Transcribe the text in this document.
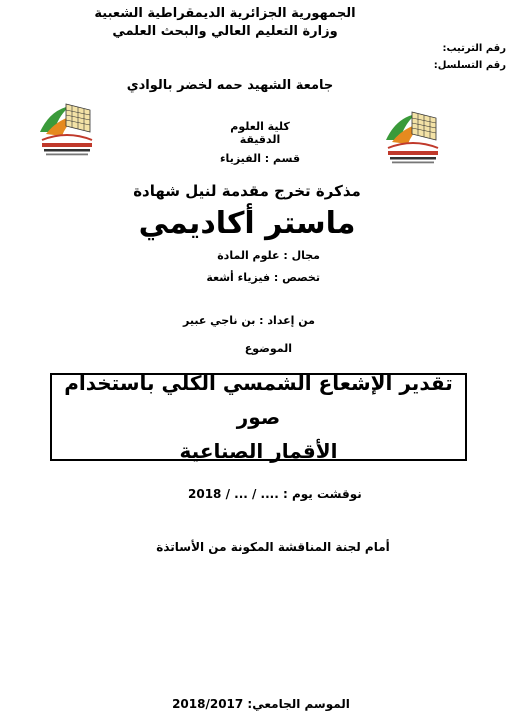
الجمهورية الجزائرية الديمقراطية الشعبية
وزارة التعليم العالي والبحث العلمي
رقم الترتيب:
رقم التسلسل:
جامعة الشهيد حمه لخضر بالوادي
كلية العلوم الدقيقة
قسم : الفيزياء
مذكرة تخرج مقدمة لنيل شهادة
ماستر أكاديمي
مجال : علوم المادة
تخصص : فيزياء أشعة
من إعداد : بن ناجي عبير
الموضوع
تقدير الإشعاع الشمسي الكلي باستخدام صور
الأقمار الصناعية
نوقشت يوم : .... / ... / 2018
أمام لجنة المناقشة المكونة من الأساتذة
الموسم الجامعي: 2018/2017
